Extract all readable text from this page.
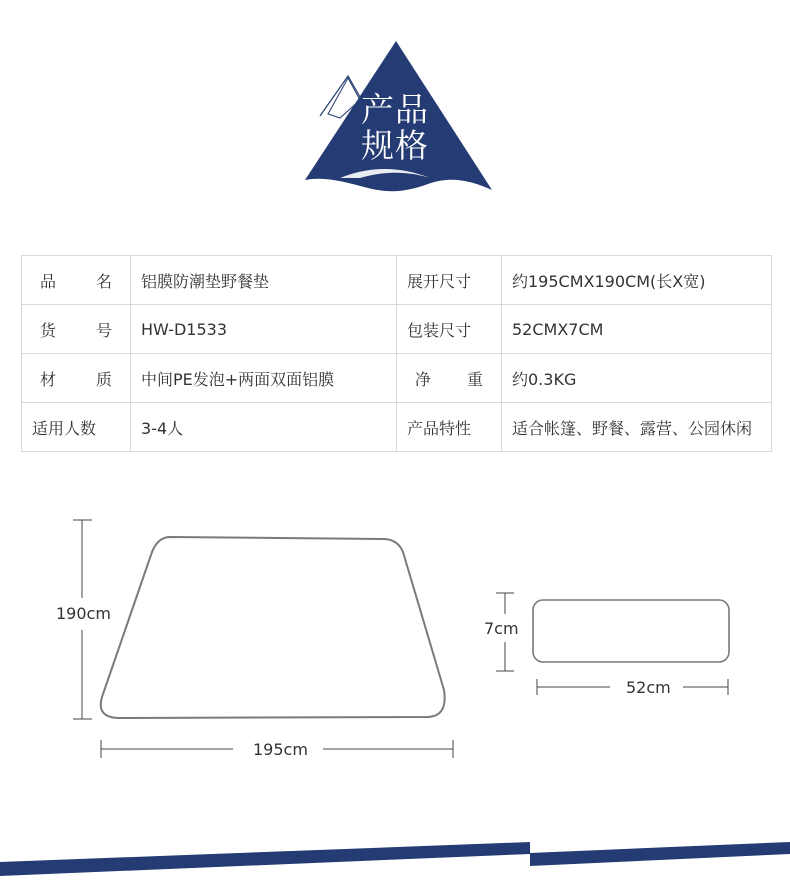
产品
规格
品名	铝膜防潮垫野餐垫	展开尺寸	约195CMX190CM(长X宽)
货号	HW-D1533	包装尺寸	52CMX7CM
材质	中间PE发泡+两面双面铝膜	净重	约0.3KG
适用人数	3-4人	产品特性	适合帐篷、野餐、露营、公园休闲
190cm
195cm
7cm
52cm
